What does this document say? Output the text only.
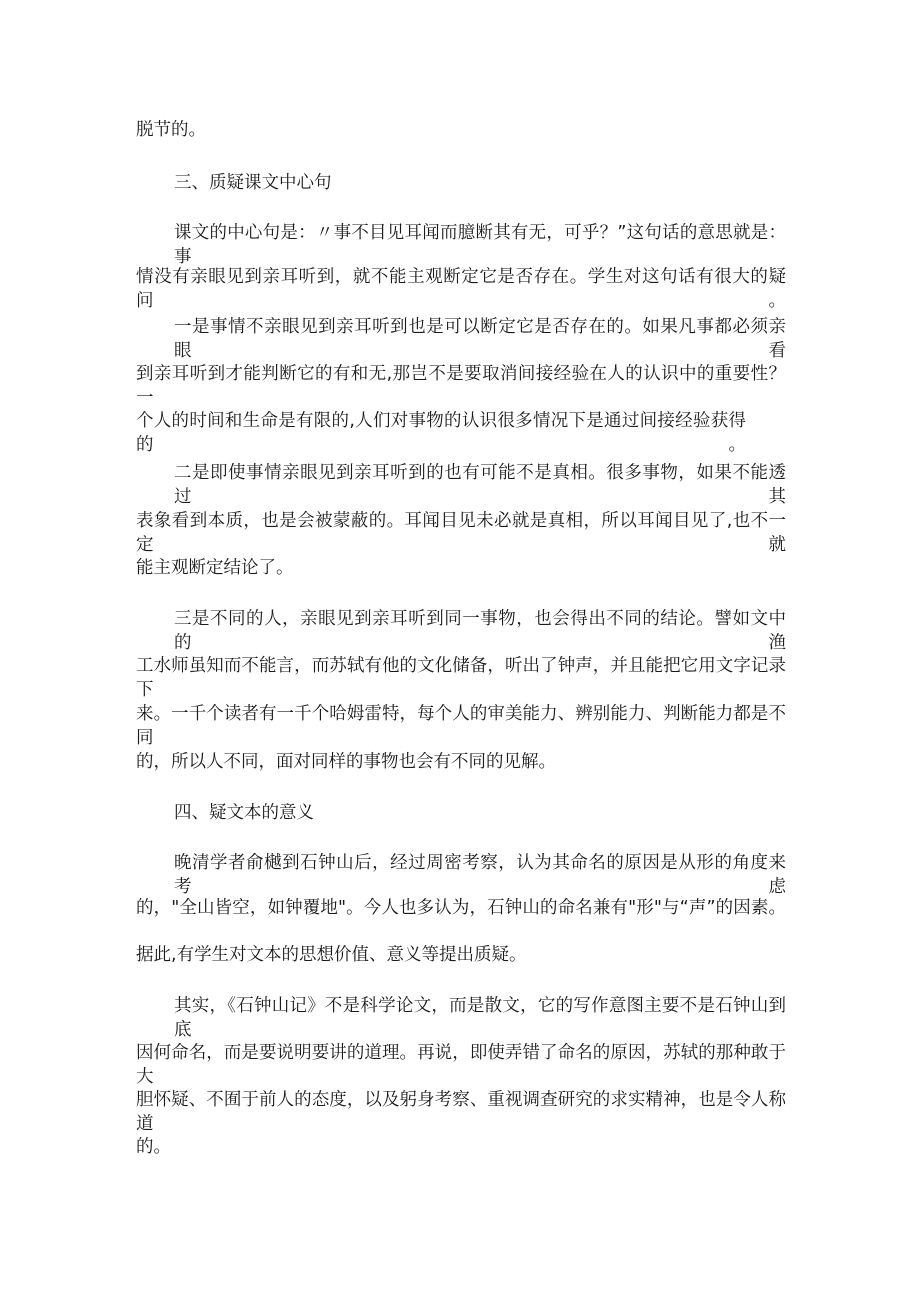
脱节的。
三、质疑课文中心句
课文的中心句是：〃事不目见耳闻而臆断其有无，可乎？”这句话的意思就是：事
情没有亲眼见到亲耳听到，就不能主观断定它是否存在。学生对这句话有很大的疑问。
一是事情不亲眼见到亲耳听到也是可以断定它是否存在的。如果凡事都必须亲眼看
到亲耳听到才能判断它的有和无,那岂不是要取消间接经验在人的认识中的重要性？一
个人的时间和生命是有限的,人们对事物的认识很多情况下是通过间接经验获得的。
二是即使事情亲眼见到亲耳听到的也有可能不是真相。很多事物，如果不能透过其
表象看到本质，也是会被蒙蔽的。耳闻目见未必就是真相，所以耳闻目见了,也不一定就
能主观断定结论了。
三是不同的人，亲眼见到亲耳听到同一事物，也会得出不同的结论。譬如文中的渔
工水师虽知而不能言，而苏轼有他的文化储备，听出了钟声，并且能把它用文字记录下
来。一千个读者有一千个哈姆雷特，每个人的审美能力、辨别能力、判断能力都是不同
的，所以人不同，面对同样的事物也会有不同的见解。
四、疑文本的意义
晚清学者俞樾到石钟山后，经过周密考察，认为其命名的原因是从形的角度来考虑
的，"全山皆空，如钟覆地"。今人也多认为，石钟山的命名兼有"形"与“声”的因素。
据此,有学生对文本的思想价值、意义等提出质疑。
其实，《石钟山记》不是科学论文，而是散文，它的写作意图主要不是石钟山到底
因何命名，而是要说明要讲的道理。再说，即使弄错了命名的原因，苏轼的那种敢于大
胆怀疑、不囿于前人的态度，以及躬身考察、重视调查研究的求实精神，也是令人称道
的。
